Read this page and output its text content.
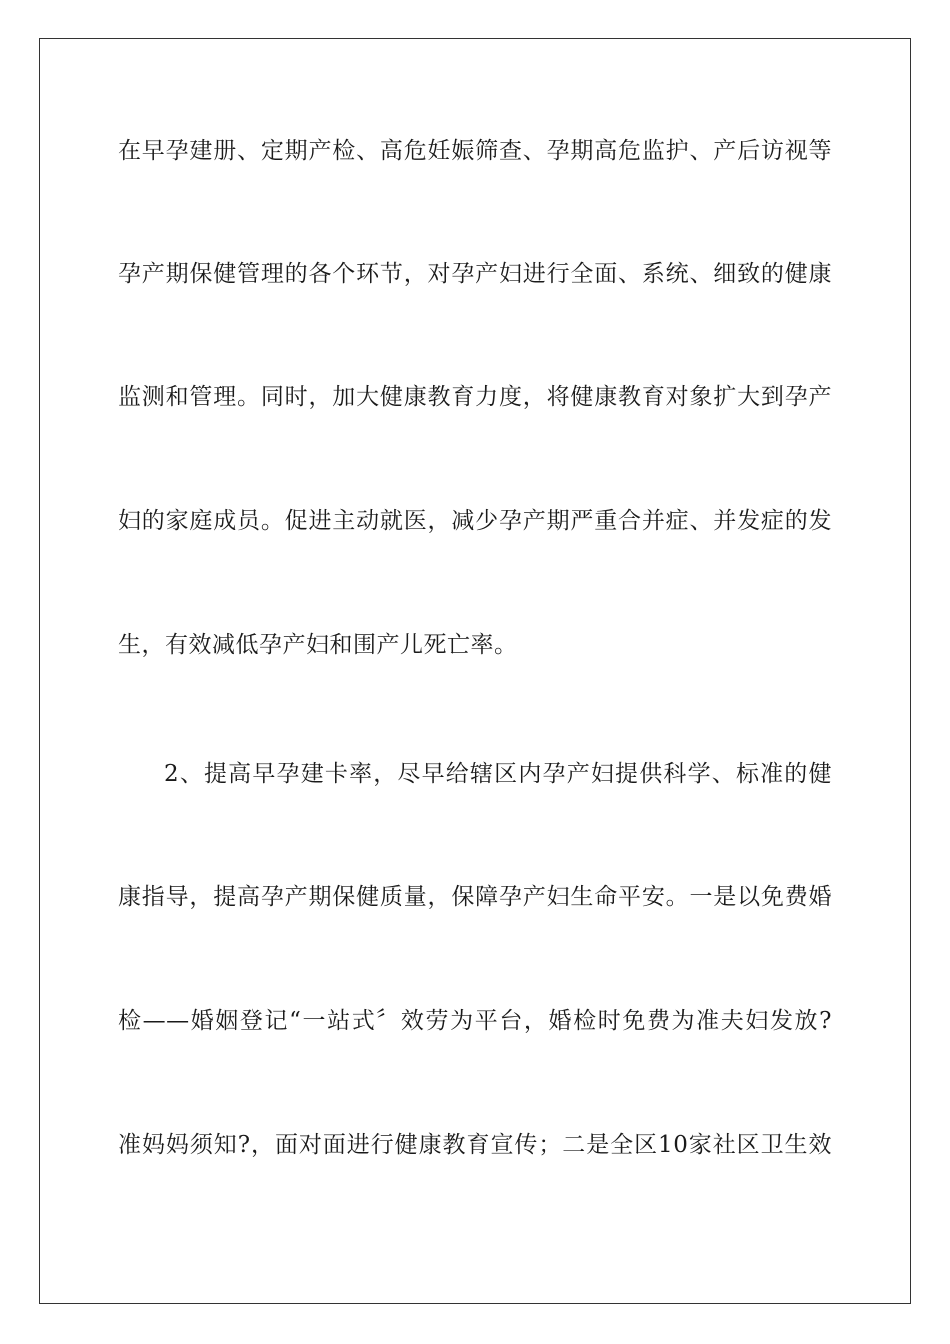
在早孕建册、定期产检、高危妊娠筛查、孕期高危监护、产后访视等
孕产期保健管理的各个环节，对孕产妇进行全面、系统、细致的健康
监测和管理。同时，加大健康教育力度，将健康教育对象扩大到孕产
妇的家庭成员。促进主动就医，减少孕产期严重合并症、并发症的发
生，有效减低孕产妇和围产儿死亡率。
2、提高早孕建卡率，尽早给辖区内孕产妇提供科学、标准的健
康指导，提高孕产期保健质量，保障孕产妇生命平安。一是以免费婚
检——婚姻登记“一站式〞效劳为平台，婚检时免费为准夫妇发放?
准妈妈须知?，面对面进行健康教育宣传；二是全区10家社区卫生效
